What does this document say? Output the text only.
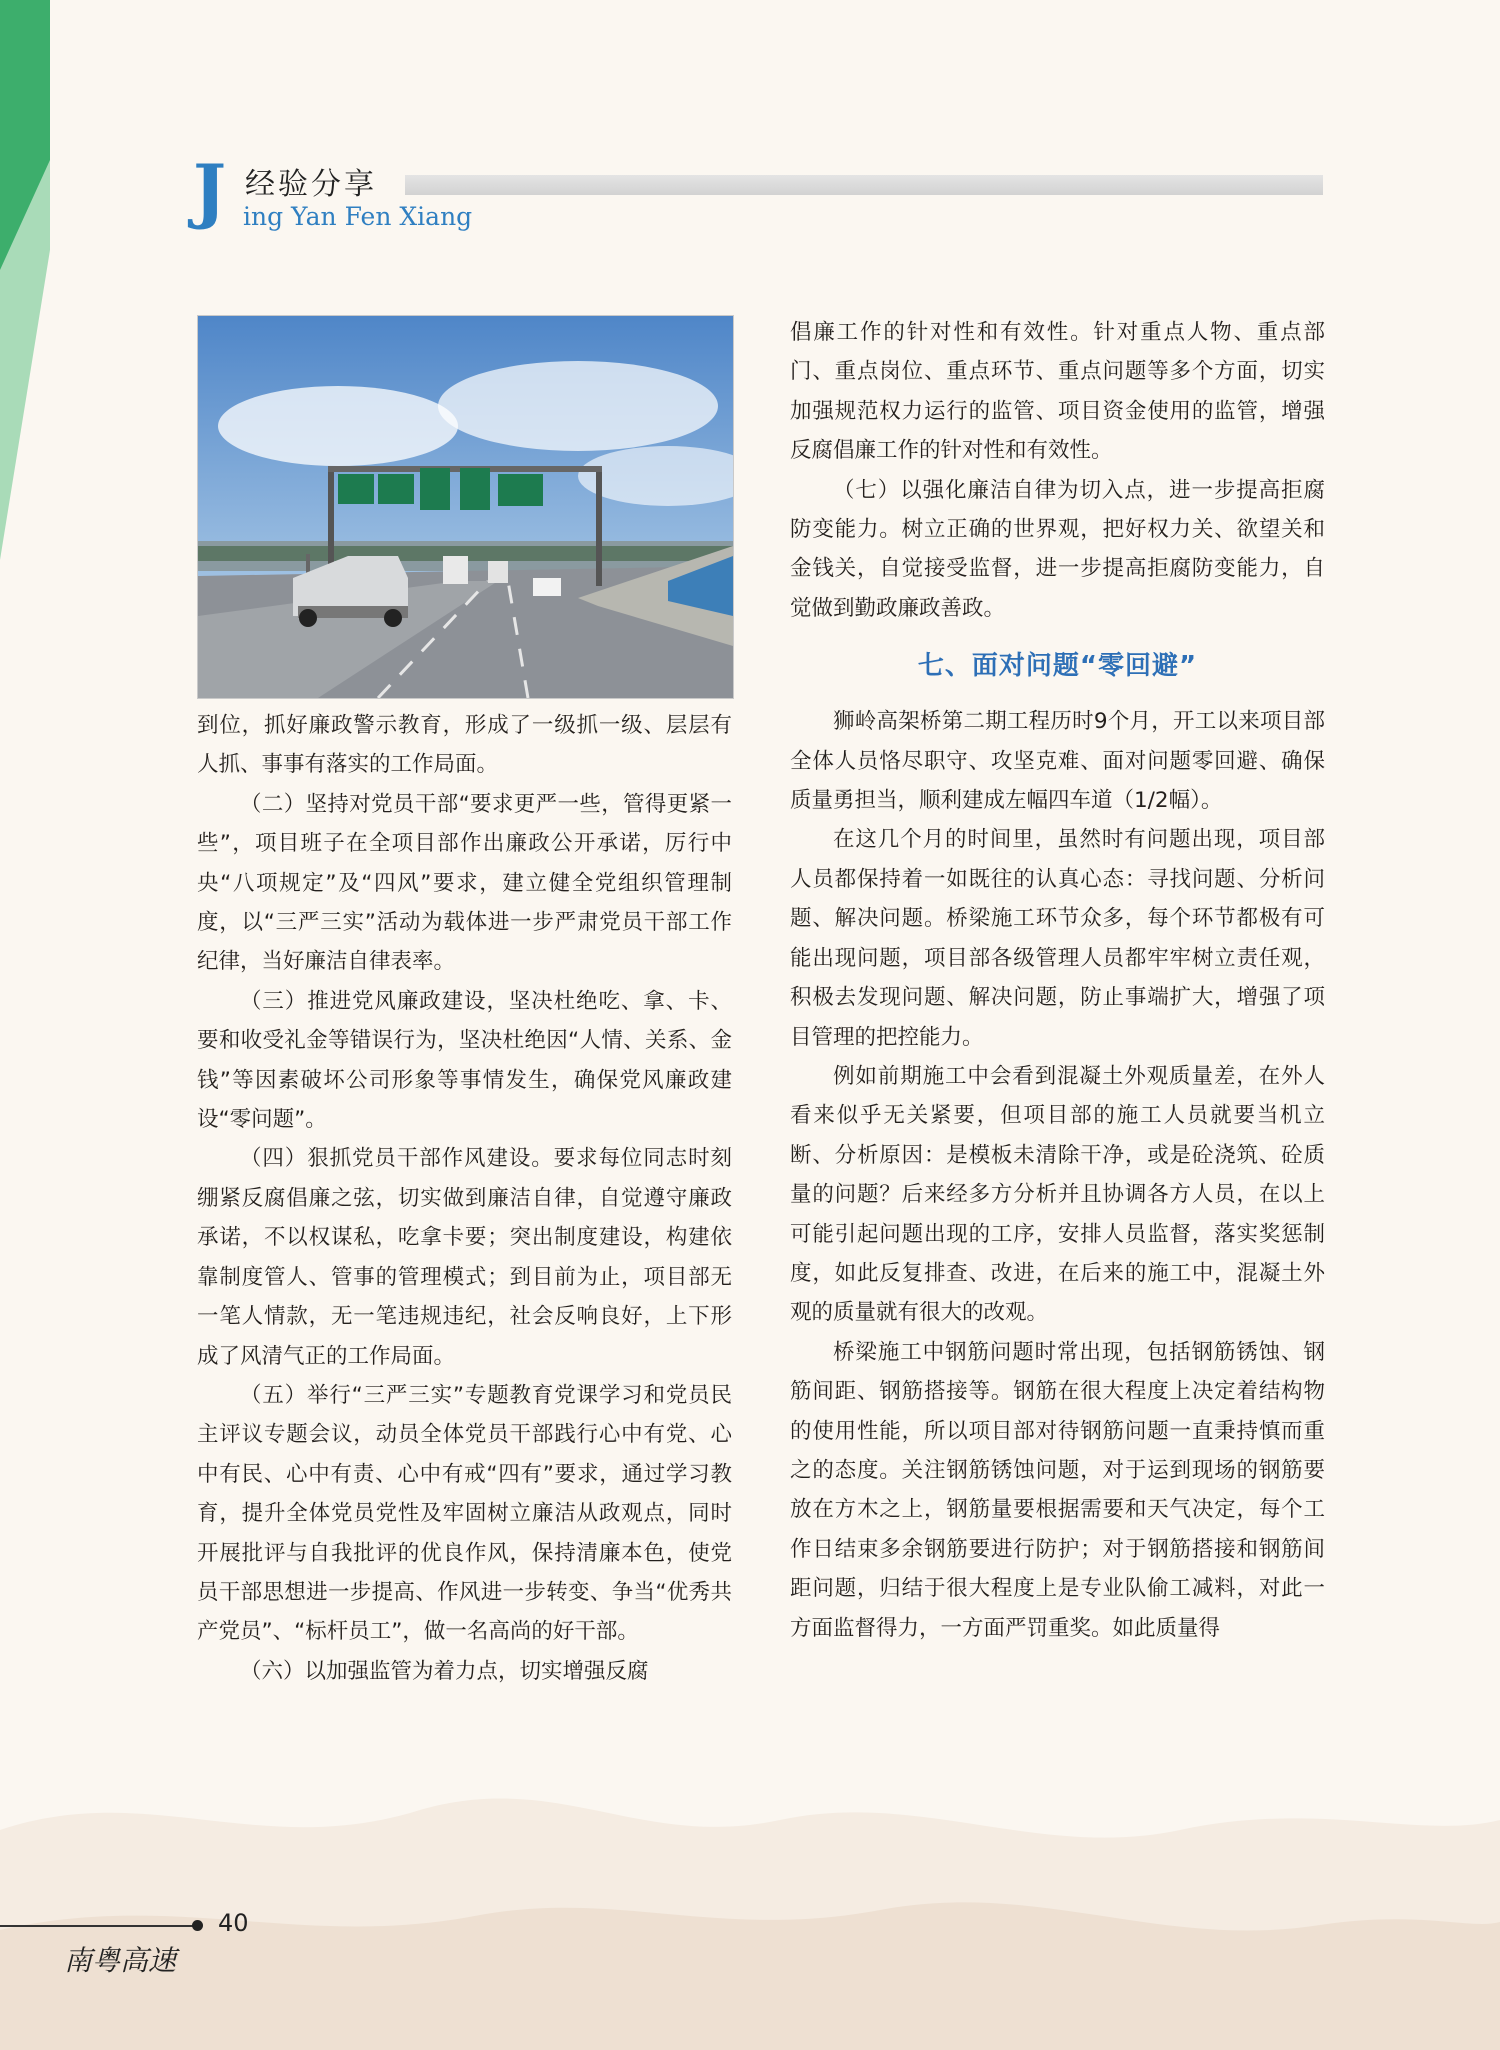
J 经验分享
ing Yan Fen Xiang

到位，抓好廉政警示教育，形成了一级抓一级、层层有人抓、事事有落实的工作局面。

（二）坚持对党员干部“要求更严一些，管得更紧一些”，项目班子在全项目部作出廉政公开承诺，厉行中央“八项规定”及“四风”要求，建立健全党组织管理制度，以“三严三实”活动为载体进一步严肃党员干部工作纪律，当好廉洁自律表率。

（三）推进党风廉政建设，坚决杜绝吃、拿、卡、要和收受礼金等错误行为，坚决杜绝因“人情、关系、金钱”等因素破坏公司形象等事情发生，确保党风廉政建设“零问题”。

（四）狠抓党员干部作风建设。要求每位同志时刻绷紧反腐倡廉之弦，切实做到廉洁自律，自觉遵守廉政承诺，不以权谋私，吃拿卡要；突出制度建设，构建依靠制度管人、管事的管理模式；到目前为止，项目部无一笔人情款，无一笔违规违纪，社会反响良好，上下形成了风清气正的工作局面。

（五）举行“三严三实”专题教育党课学习和党员民主评议专题会议，动员全体党员干部践行心中有党、心中有民、心中有责、心中有戒“四有”要求，通过学习教育，提升全体党员党性及牢固树立廉洁从政观点，同时开展批评与自我批评的优良作风，保持清廉本色，使党员干部思想进一步提高、作风进一步转变、争当“优秀共产党员”、“标杆员工”，做一名高尚的好干部。

（六）以加强监管为着力点，切实增强反腐

倡廉工作的针对性和有效性。针对重点人物、重点部门、重点岗位、重点环节、重点问题等多个方面，切实加强规范权力运行的监管、项目资金使用的监管，增强反腐倡廉工作的针对性和有效性。

（七）以强化廉洁自律为切入点，进一步提高拒腐防变能力。树立正确的世界观，把好权力关、欲望关和金钱关，自觉接受监督，进一步提高拒腐防变能力，自觉做到勤政廉政善政。

七、面对问题“零回避”

狮岭高架桥第二期工程历时9个月，开工以来项目部全体人员恪尽职守、攻坚克难、面对问题零回避、确保质量勇担当，顺利建成左幅四车道（1/2幅）。

在这几个月的时间里，虽然时有问题出现，项目部人员都保持着一如既往的认真心态：寻找问题、分析问题、解决问题。桥梁施工环节众多，每个环节都极有可能出现问题，项目部各级管理人员都牢牢树立责任观，积极去发现问题、解决问题，防止事端扩大，增强了项目管理的把控能力。

例如前期施工中会看到混凝土外观质量差，在外人看来似乎无关紧要，但项目部的施工人员就要当机立断、分析原因：是模板未清除干净，或是砼浇筑、砼质量的问题？后来经多方分析并且协调各方人员，在以上可能引起问题出现的工序，安排人员监督，落实奖惩制度，如此反复排查、改进，在后来的施工中，混凝土外观的质量就有很大的改观。

桥梁施工中钢筋问题时常出现，包括钢筋锈蚀、钢筋间距、钢筋搭接等。钢筋在很大程度上决定着结构物的使用性能，所以项目部对待钢筋问题一直秉持慎而重之的态度。关注钢筋锈蚀问题，对于运到现场的钢筋要放在方木之上，钢筋量要根据需要和天气决定，每个工作日结束多余钢筋要进行防护；对于钢筋搭接和钢筋间距问题，归结于很大程度上是专业队偷工减料，对此一方面监督得力，一方面严罚重奖。如此质量得

40
南粤高速
